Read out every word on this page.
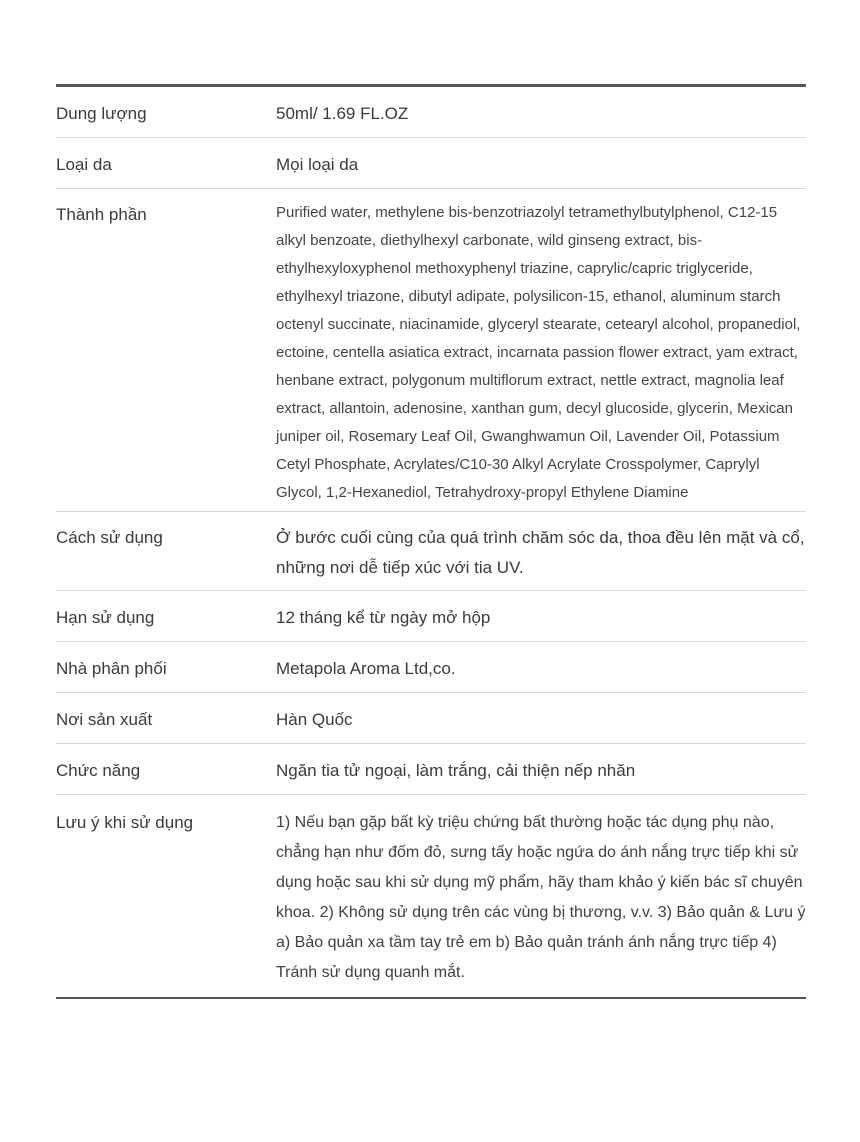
Dung lượng	50ml/ 1.69 FL.OZ
Loại da	Mọi loại da
Thành phần	Purified water, methylene bis-benzotriazolyl tetramethylbutylphenol, C12-15 alkyl benzoate, diethylhexyl carbonate, wild ginseng extract, bis-ethylhexyloxyphenol methoxyphenyl triazine, caprylic/capric triglyceride, ethylhexyl triazone, dibutyl adipate, polysilicon-15, ethanol, aluminum starch octenyl succinate, niacinamide, glyceryl stearate, cetearyl alcohol, propanediol, ectoine, centella asiatica extract, incarnata passion flower extract, yam extract, henbane extract, polygonum multiflorum extract, nettle extract, magnolia leaf extract, allantoin, adenosine, xanthan gum, decyl glucoside, glycerin, Mexican juniper oil, Rosemary Leaf Oil, Gwanghwamun Oil, Lavender Oil, Potassium Cetyl Phosphate, Acrylates/C10-30 Alkyl Acrylate Crosspolymer, Caprylyl Glycol, 1,2-Hexanediol, Tetrahydroxy-propyl Ethylene Diamine
Cách sử dụng	Ở bước cuối cùng của quá trình chăm sóc da, thoa đều lên mặt và cổ, những nơi dễ tiếp xúc với tia UV.
Hạn sử dụng	12 tháng kể từ ngày mở hộp
Nhà phân phối	Metapola Aroma Ltd,co.
Nơi sản xuất	Hàn Quốc
Chức năng	Ngăn tia tử ngoại, làm trắng, cải thiện nếp nhăn
Lưu ý khi sử dụng	1) Nếu bạn gặp bất kỳ triệu chứng bất thường hoặc tác dụng phụ nào, chẳng hạn như đốm đỏ, sưng tấy hoặc ngứa do ánh nắng trực tiếp khi sử dụng hoặc sau khi sử dụng mỹ phẩm, hãy tham khảo ý kiến bác sĩ chuyên khoa. 2) Không sử dụng trên các vùng bị thương, v.v. 3) Bảo quản & Lưu ý a) Bảo quản xa tầm tay trẻ em b) Bảo quản tránh ánh nắng trực tiếp 4) Tránh sử dụng quanh mắt.
